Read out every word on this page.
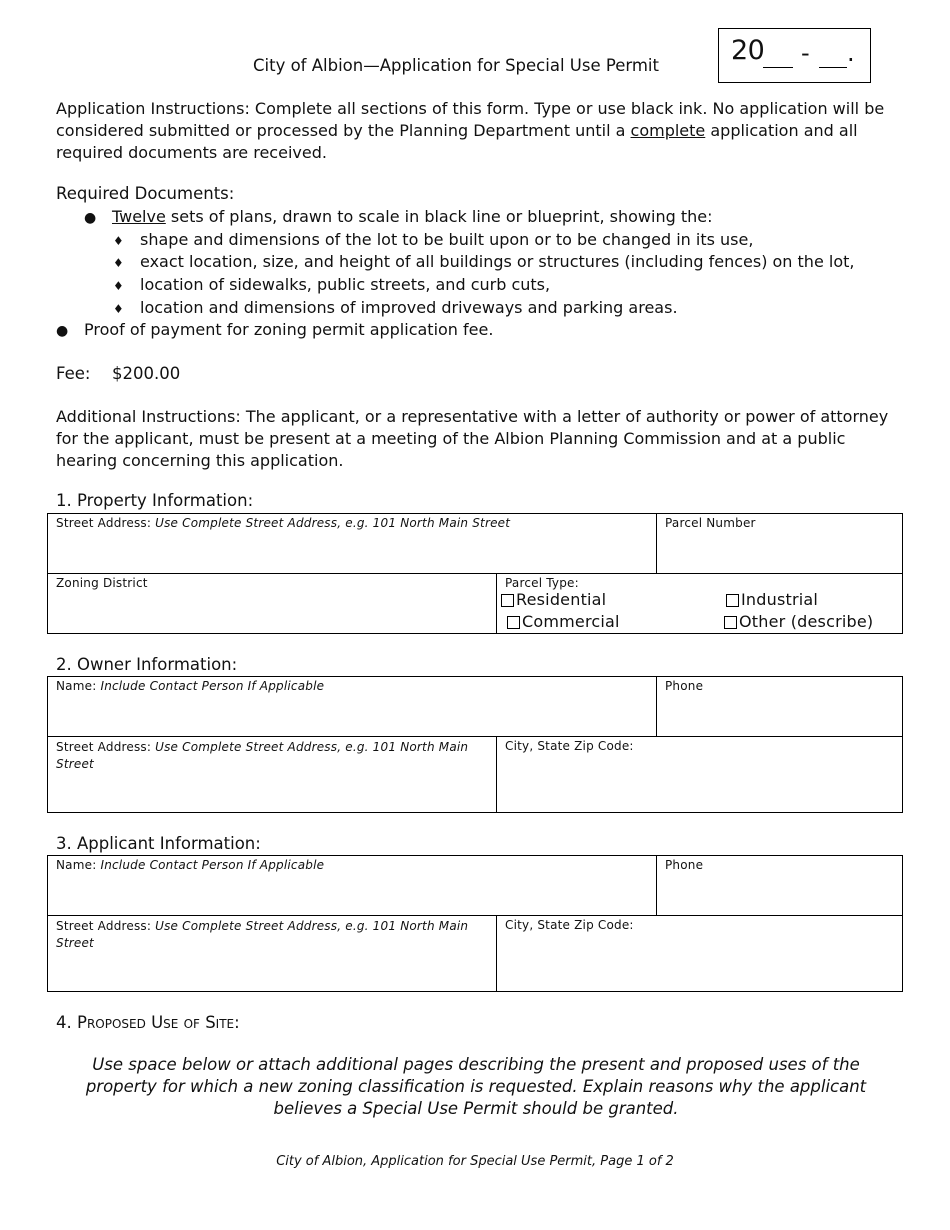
City of Albion—Application for Special Use Permit	20 - .
Application Instructions: Complete all sections of this form. Type or use black ink. No application will be considered submitted or processed by the Planning Department until a complete application and all required documents are received.
Required Documents:
● Twelve sets of plans, drawn to scale in black line or blueprint, showing the:
♦ shape and dimensions of the lot to be built upon or to be changed in its use,
♦ exact location, size, and height of all buildings or structures (including fences) on the lot,
♦ location of sidewalks, public streets, and curb cuts,
♦ location and dimensions of improved driveways and parking areas.
● Proof of payment for zoning permit application fee.
Fee: $200.00
Additional Instructions: The applicant, or a representative with a letter of authority or power of attorney for the applicant, must be present at a meeting of the Albion Planning Commission and at a public hearing concerning this application.
1. Property Information:
Street Address: Use Complete Street Address, e.g. 101 North Main Street		Parcel Number
Zoning District	Parcel Type:
Residential Industrial
Commercial Other (describe)	
2. Owner Information:
Name: Include Contact Person If Applicable		Phone
Street Address: Use Complete Street Address, e.g. 101 North Main Street	City, State Zip Code:	
3. Applicant Information:
Name: Include Contact Person If Applicable		Phone
Street Address: Use Complete Street Address, e.g. 101 North Main Street	City, State Zip Code:	
4. Proposed Use of Site:
Use space below or attach additional pages describing the present and proposed uses of the property for which a new zoning classification is requested. Explain reasons why the applicant believes a Special Use Permit should be granted.
City of Albion, Application for Special Use Permit, Page 1 of 2
